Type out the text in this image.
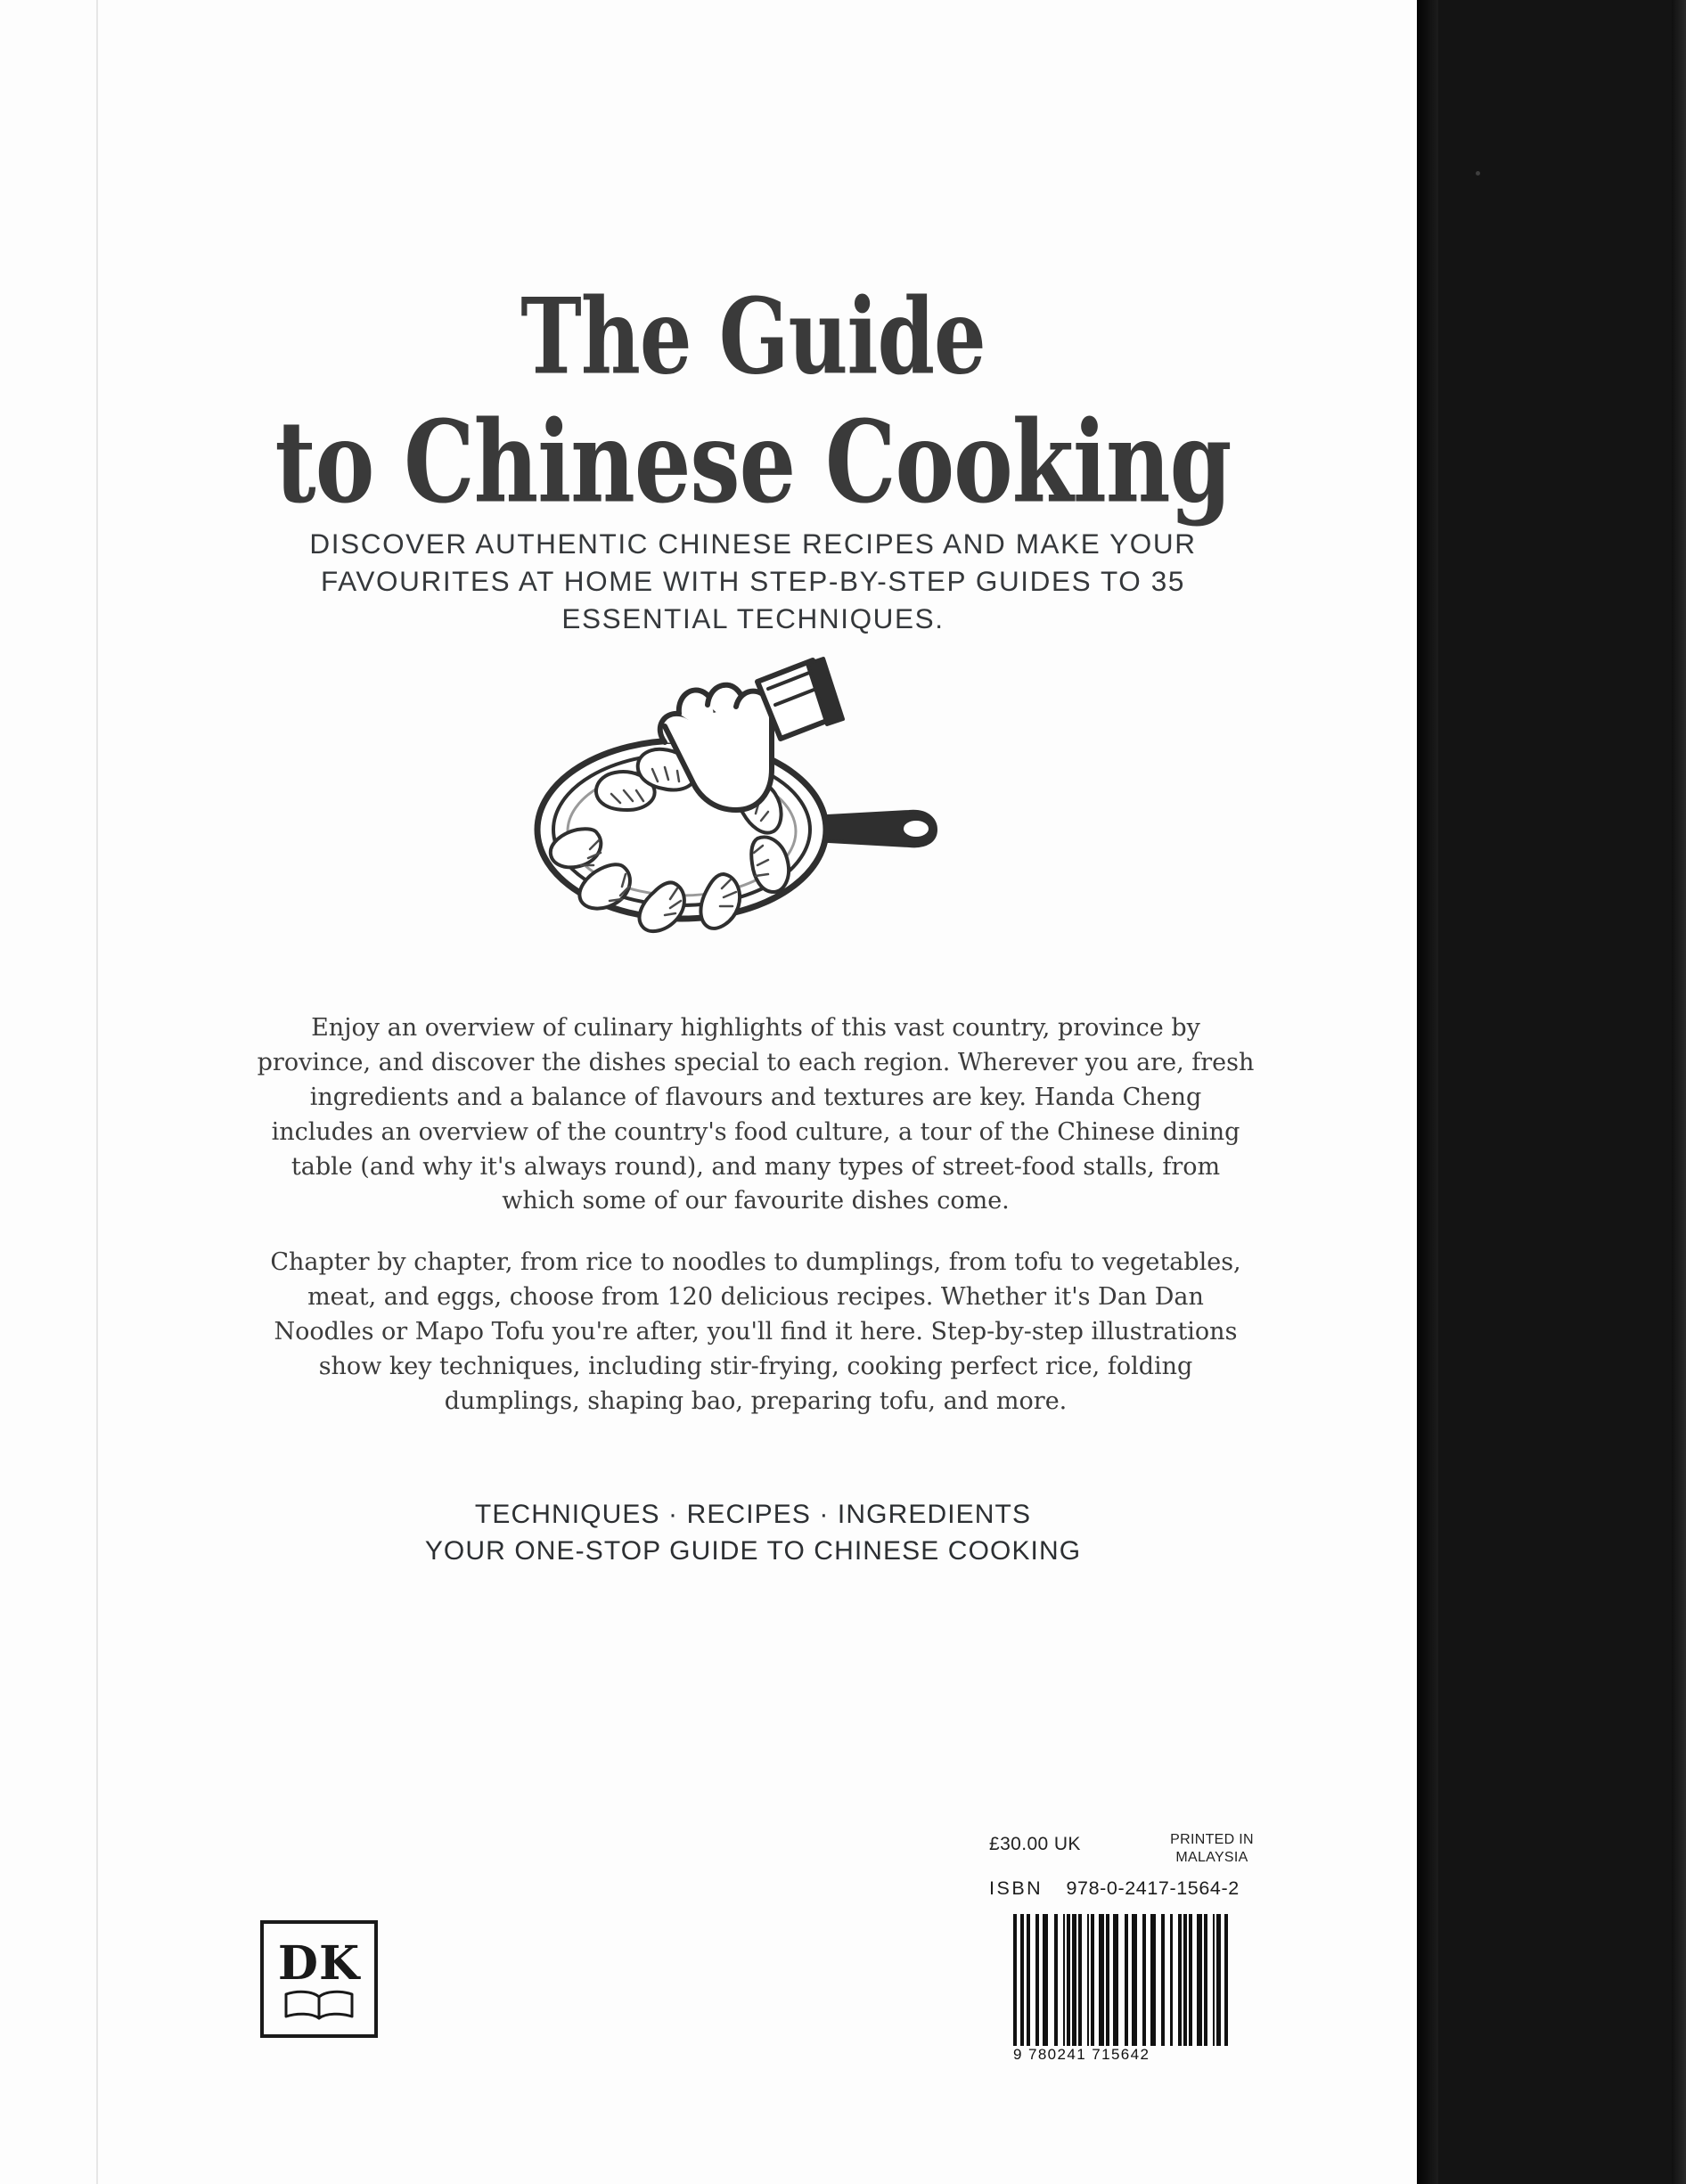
The Guide
to Chinese Cooking
DISCOVER AUTHENTIC CHINESE RECIPES AND MAKE YOUR FAVOURITES AT HOME WITH STEP-BY-STEP GUIDES TO 35 ESSENTIAL TECHNIQUES.

Enjoy an overview of culinary highlights of this vast country, province by province, and discover the dishes special to each region. Wherever you are, fresh ingredients and a balance of flavours and textures are key. Handa Cheng includes an overview of the country's food culture, a tour of the Chinese dining table (and why it's always round), and many types of street-food stalls, from which some of our favourite dishes come.

Chapter by chapter, from rice to noodles to dumplings, from tofu to vegetables, meat, and eggs, choose from 120 delicious recipes. Whether it's Dan Dan Noodles or Mapo Tofu you're after, you'll find it here. Step-by-step illustrations show key techniques, including stir-frying, cooking perfect rice, folding dumplings, shaping bao, preparing tofu, and more.

TECHNIQUES · RECIPES · INGREDIENTS
YOUR ONE-STOP GUIDE TO CHINESE COOKING
£30.00 UK	PRINTED IN MALAYSIA
ISBN 978-0-2417-1564-2
9 780241 715642
DK
